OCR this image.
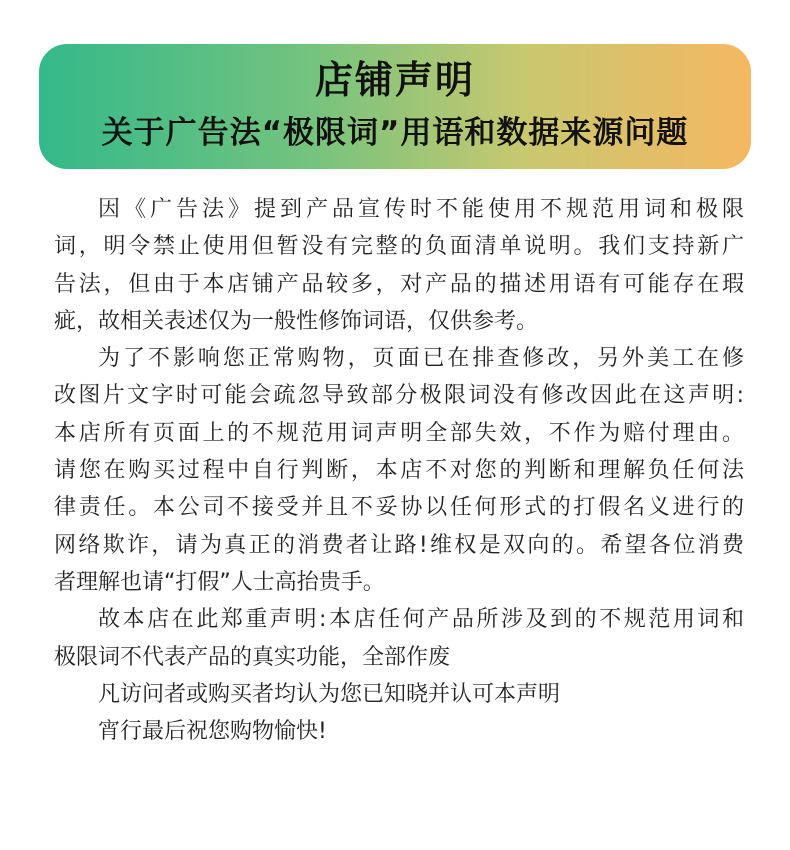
店铺声明
关于广告法“极限词”用语和数据来源问题
因《广告法》提到产品宣传时不能使用不规范用词和极限
词，明令禁止使用但暂没有完整的负面清单说明。我们支持新广
告法，但由于本店铺产品较多，对产品的描述用语有可能存在瑕
疵，故相关表述仅为一般性修饰词语，仅供参考。
为了不影响您正常购物，页面已在排查修改，另外美工在修
改图片文字时可能会疏忽导致部分极限词没有修改因此在这声明:
本店所有页面上的不规范用词声明全部失效，不作为赔付理由。
请您在购买过程中自行判断，本店不对您的判断和理解负任何法
律责任。本公司不接受并且不妥协以任何形式的打假名义进行的
网络欺诈，请为真正的消费者让路!维权是双向的。希望各位消费
者理解也请“打假”人士高抬贵手。
故本店在此郑重声明:本店任何产品所涉及到的不规范用词和
极限词不代表产品的真实功能，全部作废
凡访问者或购买者均认为您已知晓并认可本声明
宵行最后祝您购物愉快!
